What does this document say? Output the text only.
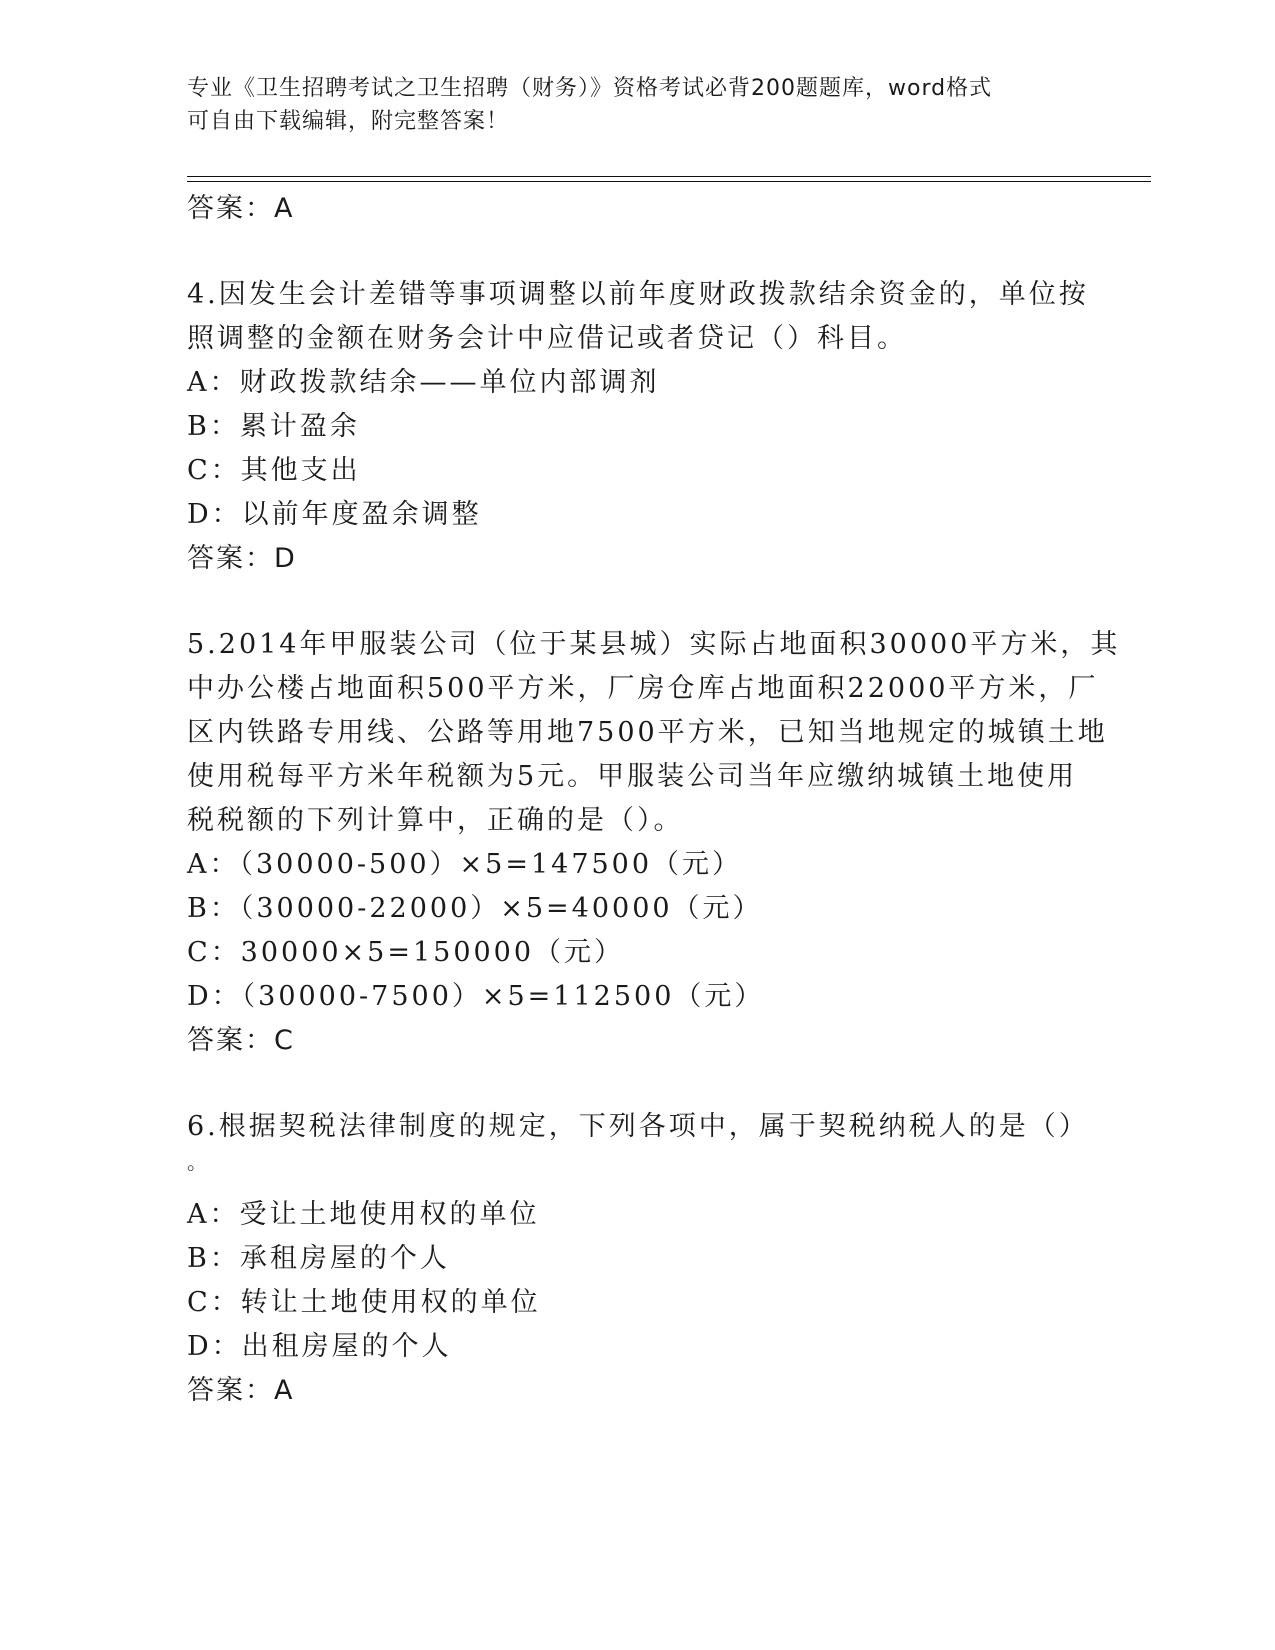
专业《卫生招聘考试之卫生招聘（财务）》资格考试必背200题题库，word格式
可自由下载编辑，附完整答案！
答案：A
4.因发生会计差错等事项调整以前年度财政拨款结余资金的，单位按
照调整的金额在财务会计中应借记或者贷记（）科目。
A：财政拨款结余——单位内部调剂
B：累计盈余
C：其他支出
D：以前年度盈余调整
答案：D
5.2014年甲服装公司（位于某县城）实际占地面积30000平方米，其
中办公楼占地面积500平方米，厂房仓库占地面积22000平方米，厂
区内铁路专用线、公路等用地7500平方米，已知当地规定的城镇土地
使用税每平方米年税额为5元。甲服装公司当年应缴纳城镇土地使用
税税额的下列计算中，正确的是（）。
A：（30000-500）×5=147500（元）
B：（30000-22000）×5=40000（元）
C：30000×5=150000（元）
D：（30000-7500）×5=112500（元）
答案：C
6.根据契税法律制度的规定，下列各项中，属于契税纳税人的是（）
。
A：受让土地使用权的单位
B：承租房屋的个人
C：转让土地使用权的单位
D：出租房屋的个人
答案：A
